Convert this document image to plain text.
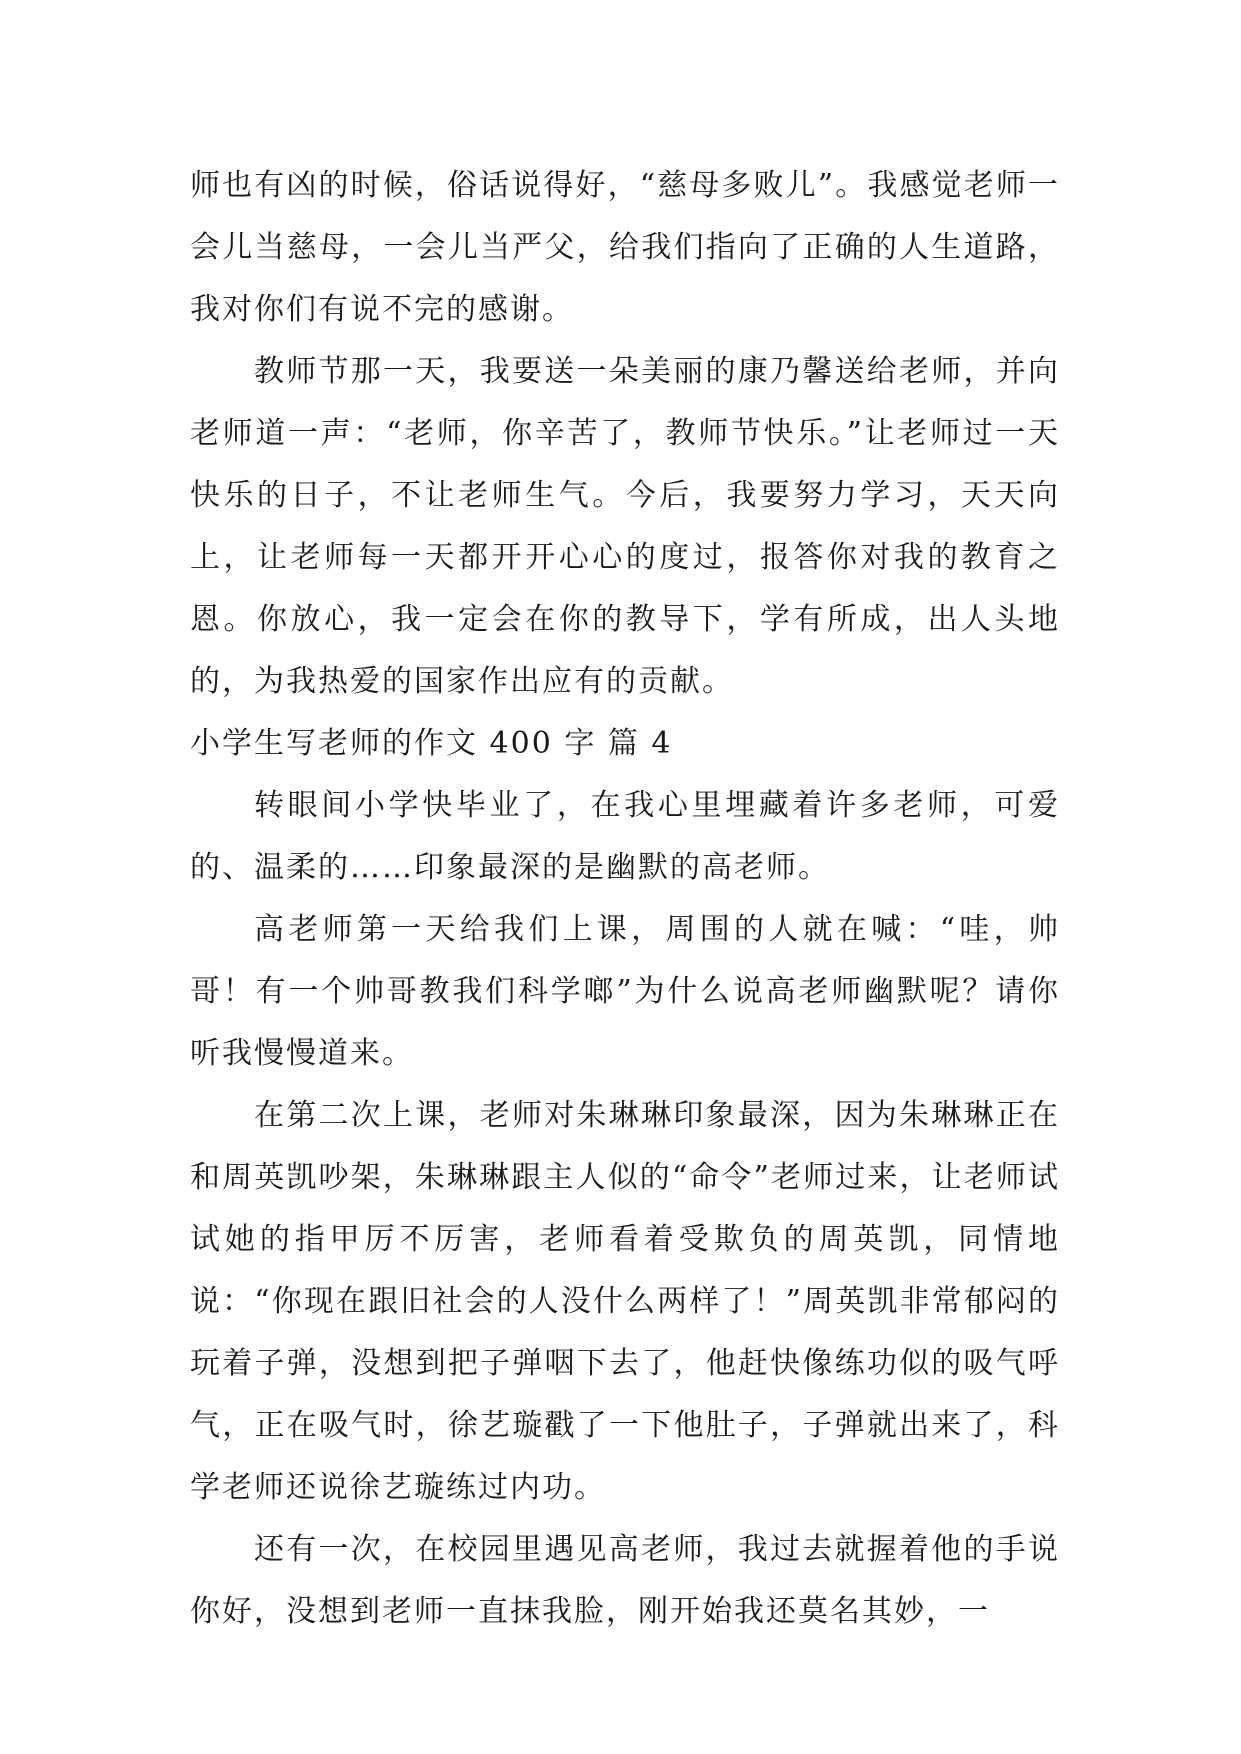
师也有凶的时候，俗话说得好，“慈母多败儿”。我感觉老师一会儿当慈母，一会儿当严父，给我们指向了正确的人生道路，我对你们有说不完的感谢。

教师节那一天，我要送一朵美丽的康乃馨送给老师，并向老师道一声：“老师，你辛苦了，教师节快乐。”让老师过一天快乐的日子，不让老师生气。今后，我要努力学习，天天向上，让老师每一天都开开心心的度过，报答你对我的教育之恩。你放心，我一定会在你的教导下，学有所成，出人头地的，为我热爱的国家作出应有的贡献。

小学生写老师的作文 400 字 篇 4

转眼间小学快毕业了，在我心里埋藏着许多老师，可爱的、温柔的……印象最深的是幽默的高老师。

高老师第一天给我们上课，周围的人就在喊：“哇，帅哥！有一个帅哥教我们科学啷”为什么说高老师幽默呢？请你听我慢慢道来。

在第二次上课，老师对朱琳琳印象最深，因为朱琳琳正在和周英凯吵架，朱琳琳跟主人似的“命令”老师过来，让老师试试她的指甲厉不厉害，老师看着受欺负的周英凯，同情地说：“你现在跟旧社会的人没什么两样了！”周英凯非常郁闷的玩着子弹，没想到把子弹咽下去了，他赶快像练功似的吸气呼气，正在吸气时，徐艺璇戳了一下他肚子，子弹就出来了，科学老师还说徐艺璇练过内功。

还有一次，在校园里遇见高老师，我过去就握着他的手说你好，没想到老师一直抹我脸，刚开始我还莫名其妙，一
